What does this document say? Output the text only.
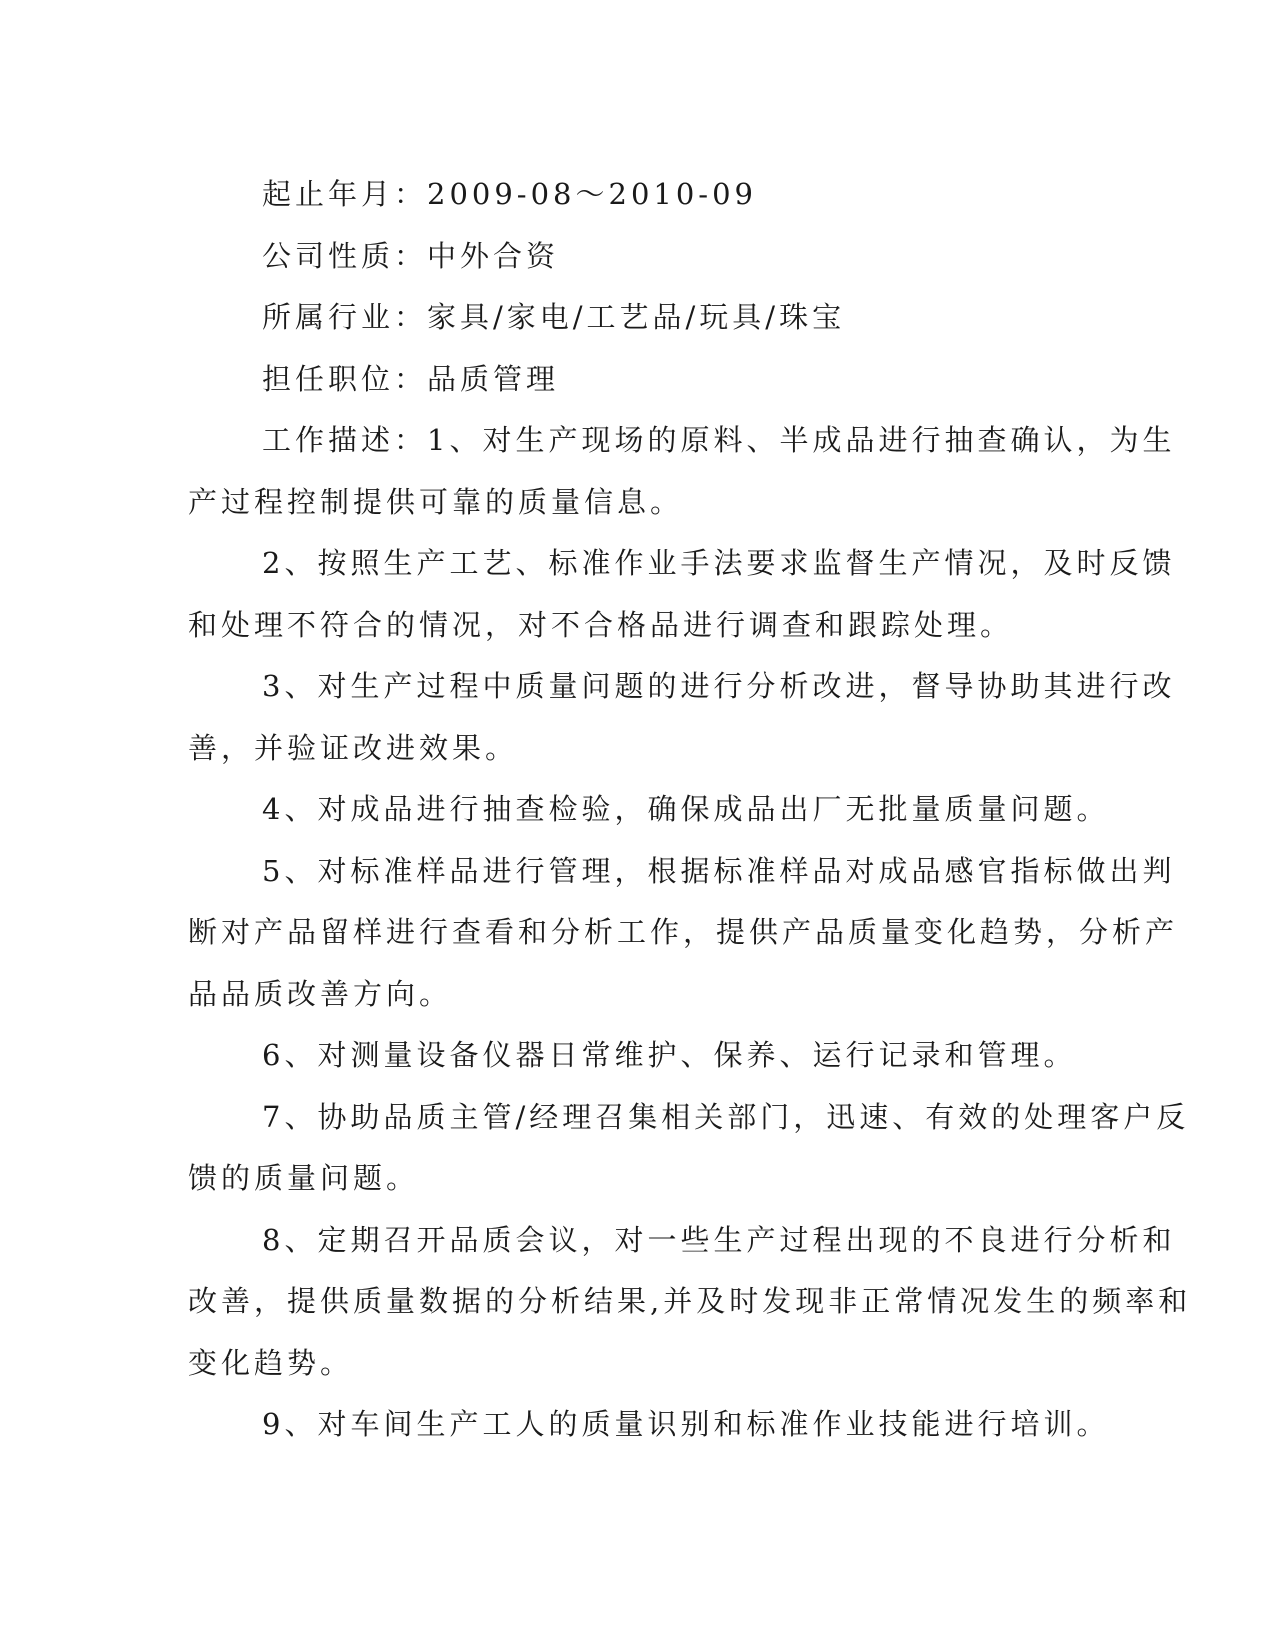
起止年月：2009-08～2010-09
公司性质：中外合资
所属行业：家具/家电/工艺品/玩具/珠宝
担任职位：品质管理
工作描述：1、对生产现场的原料、半成品进行抽查确认，为生
产过程控制提供可靠的质量信息。
2、按照生产工艺、标准作业手法要求监督生产情况，及时反馈
和处理不符合的情况，对不合格品进行调查和跟踪处理。
3、对生产过程中质量问题的进行分析改进，督导协助其进行改
善，并验证改进效果。
4、对成品进行抽查检验，确保成品出厂无批量质量问题。
5、对标准样品进行管理，根据标准样品对成品感官指标做出判
断对产品留样进行查看和分析工作，提供产品质量变化趋势，分析产
品品质改善方向。
6、对测量设备仪器日常维护、保养、运行记录和管理。
7、协助品质主管/经理召集相关部门，迅速、有效的处理客户反
馈的质量问题。
8、定期召开品质会议，对一些生产过程出现的不良进行分析和
改善，提供质量数据的分析结果,并及时发现非正常情况发生的频率和
变化趋势。
9、对车间生产工人的质量识别和标准作业技能进行培训。
